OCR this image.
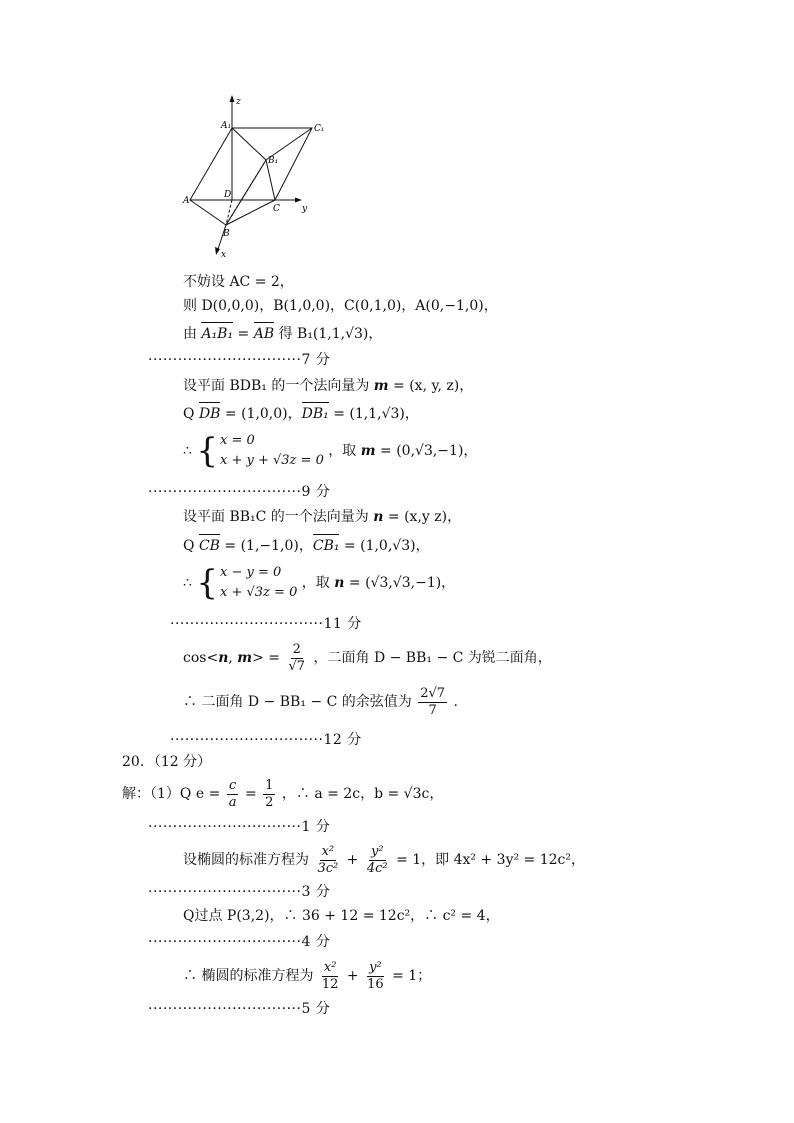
z
y
x
A₁	C₁
B₁
D
A
B
C
不妨设 AC = 2，
则 D(0,0,0)，B(1,0,0)，C(0,1,0)，A(0,−1,0)，
由 A₁B₁ = AB 得 B₁(1,1,√3)，
·······························7 分
设平面 BDB₁ 的一个法向量为 m = (x, y, z)，
Q DB = (1,0,0)，DB₁ = (1,1,√3)，
∴ { x = 0
x + y + √3z = 0
，取 m = (0,√3,−1)，
·······························9 分
设平面 BB₁C 的一个法向量为 n = (x,y z)，
Q CB = (1,−1,0)，CB₁ = (1,0,√3)，
∴ { x − y = 0
x + √3z = 0
，取 n = (√3,√3,−1)，
·······························11 分
cos<n, $m> = \frac{2}{√7}$ ，二面角 D − BB₁ − C 为锐二面角，
∴ 二面角 D − BB₁ − C 的余弦值为 $\frac{2√7}{7}$ .
·······························12 分
20．（12 分）
解：（1）Q $e = \frac{c}{a} = \frac{1}{2}$ ，∴ a = 2c，b = √3c，
·······························1 分
设椭圆的标准方程为 $\frac{\text{x²}}{\text{3c²}} + \frac{\text{y²}}{\text{4c²}} = 1$，即 4x² + 3y² = 12c²，
·······························3 分
Q过点 P(3,2)，∴ 36 + 12 = 12c²，∴ c² = 4，
·······························4 分
∴ 椭圆的标准方程为 $\frac{\text{x²}}{12} + \frac{\text{y²}}{16} = 1$；
·······························5 分
